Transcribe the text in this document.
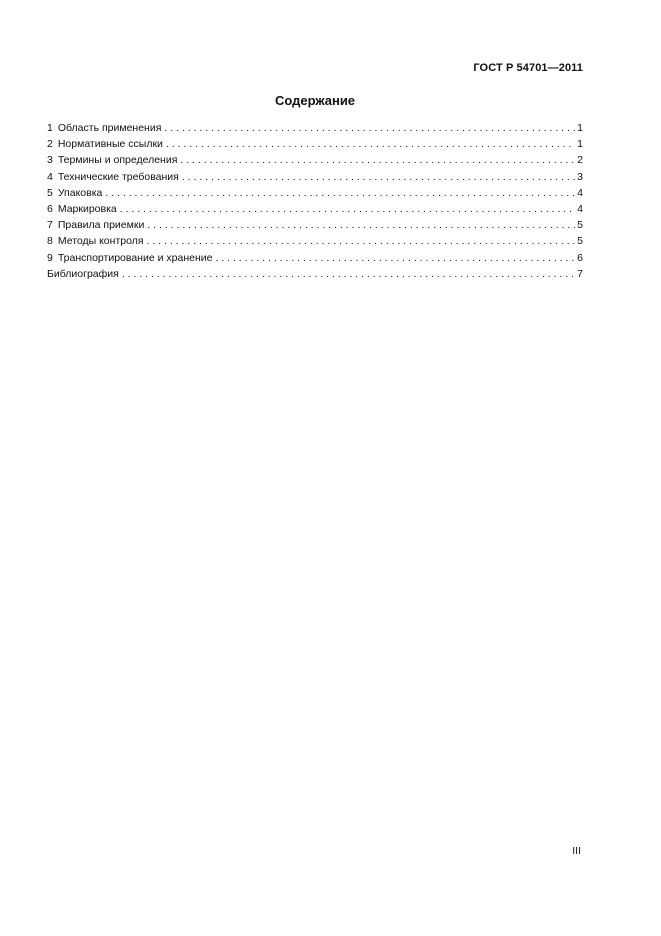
ГОСТ Р 54701—2011
Содержание
1 Область применения . . .	1
2 Нормативные ссылки . . .	1
3 Термины и определения . . .	2
4 Технические требования . . .	3
5 Упаковка . . .	4
6 Маркировка . . .	4
7 Правила приемки . . .	5
8 Методы контроля . . .	5
9 Транспортирование и хранение . . .	6
Библиография . . .	7
III
